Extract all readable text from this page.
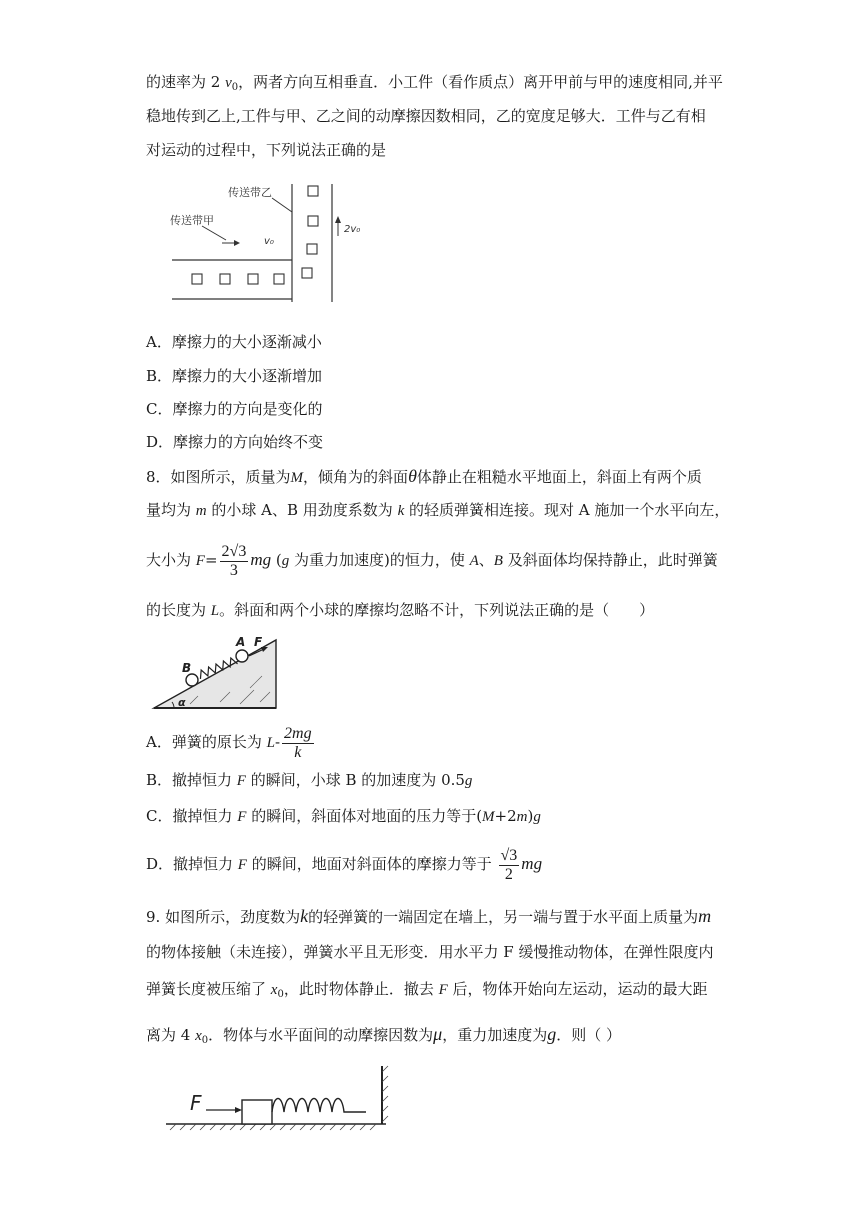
的速率为 2 $v_0$，两者方向互相垂直．小工件（看作质点）离开甲前与甲的速度相同,并平
稳地传到乙上,工件与甲、乙之间的动摩擦因数相同，乙的宽度足够大．工件与乙有相
对运动的过程中，下列说法正确的是
传送带乙
传送带甲
v₀
2v₀
A．摩擦力的大小逐渐减小
B．摩擦力的大小逐渐增加
C．摩擦力的方向是变化的
D．摩擦力的方向始终不变
8．如图所示，质量为M，倾角为的斜面θ体静止在粗糙水平地面上，斜面上有两个质
量均为 m 的小球 A、B 用劲度系数为 k 的轻质弹簧相连接。现对 A 施加一个水平向左，
大小为 $F= \frac{2√3}{3}$ mg (g 为重力加速度)的恒力，使 A、B 及斜面体均保持静止，此时弹簧
的长度为 L。斜面和两个小球的摩擦均忽略不计，下列说法正确的是（　　）
A F
B
α
A．弹簧的原长为 $L- \frac{2mg}{k}$
B．撤掉恒力 F 的瞬间，小球 B 的加速度为 0.5g
C．撤掉恒力 F 的瞬间，斜面体对地面的压力等于(M+2m)g
D．撤掉恒力 F 的瞬间，地面对斜面体的摩擦力等于 $\frac{√3}{2}$ mg
9. 如图所示，劲度数为k的轻弹簧的一端固定在墙上，另一端与置于水平面上质量为m
的物体接触（未连接），弹簧水平且无形变．用水平力 F 缓慢推动物体，在弹性限度内
弹簧长度被压缩了 $x_0$，此时物体静止．撤去 F 后，物体开始向左运动，运动的最大距
离为 4 $x_0$．物体与水平面间的动摩擦因数为μ，重力加速度为g．则（ ）
F
